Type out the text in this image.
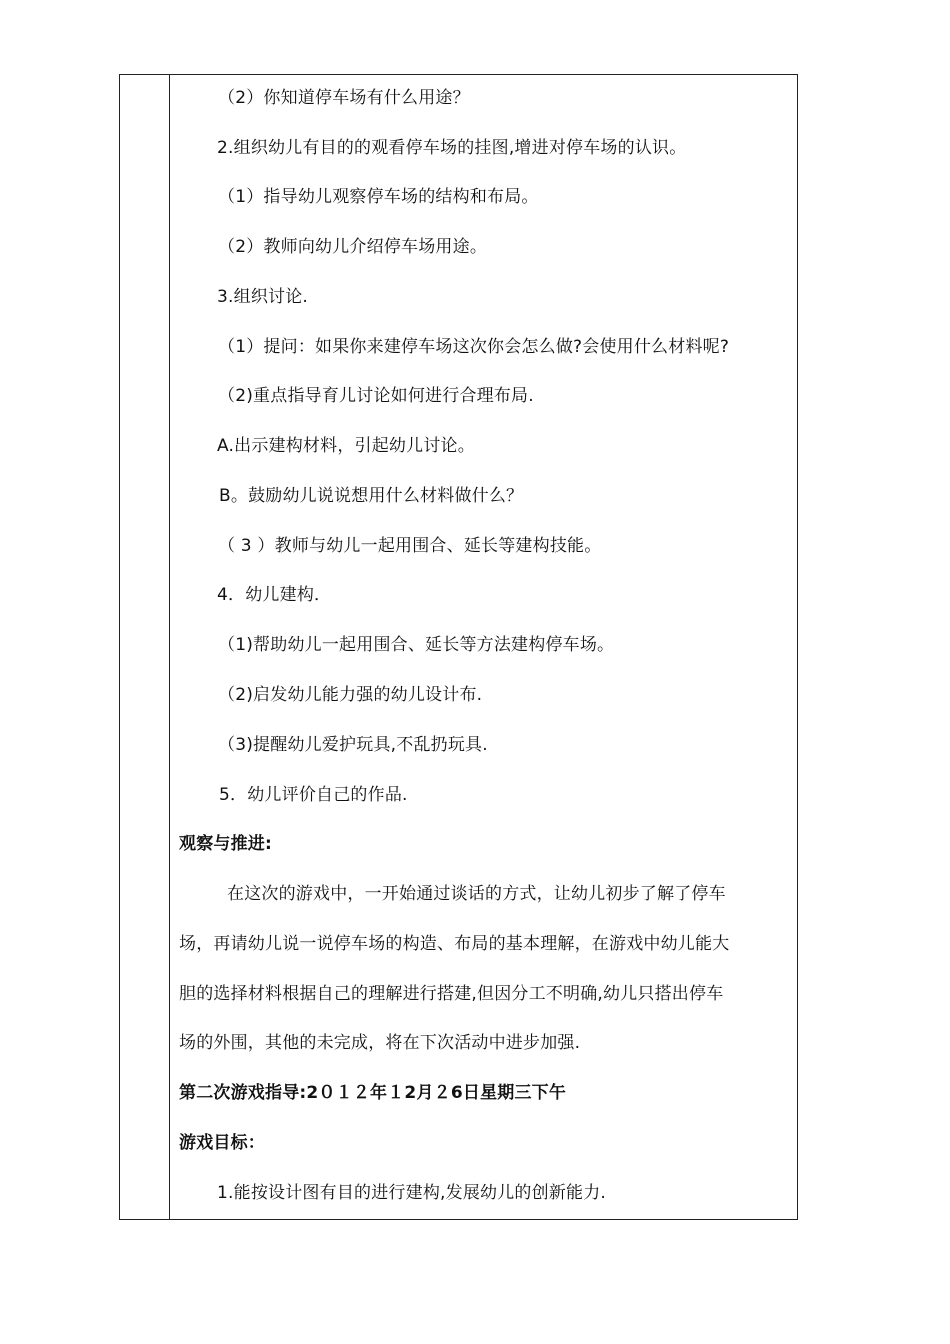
（2）你知道停车场有什么用途？
2.组织幼儿有目的的观看停车场的挂图,增进对停车场的认识。
（1）指导幼儿观察停车场的结构和布局。
（2）教师向幼儿介绍停车场用途。
3.组织讨论.
（1）提问：如果你来建停车场这次你会怎么做?会使用什么材料呢?
（2)重点指导育儿讨论如何进行合理布局.
A.出示建构材料，引起幼儿讨论。
B。鼓励幼儿说说想用什么材料做什么？
（ 3 ）教师与幼儿一起用围合、延长等建构技能。
4．幼儿建构．
（1)帮助幼儿一起用围合、延长等方法建构停车场。
（2)启发幼儿能力强的幼儿设计布.
（3)提醒幼儿爱护玩具,不乱扔玩具.
5．幼儿评价自己的作品.
观察与推进:
在这次的游戏中，一开始通过谈话的方式，让幼儿初步了解了停车
场，再请幼儿说一说停车场的构造、布局的基本理解，在游戏中幼儿能大
胆的选择材料根据自己的理解进行搭建,但因分工不明确,幼儿只搭出停车
场的外围，其他的未完成，将在下次活动中进步加强.
第二次游戏指导:2０１２年１2月２6日星期三下午
游戏目标：
1.能按设计图有目的进行建构,发展幼儿的创新能力.
